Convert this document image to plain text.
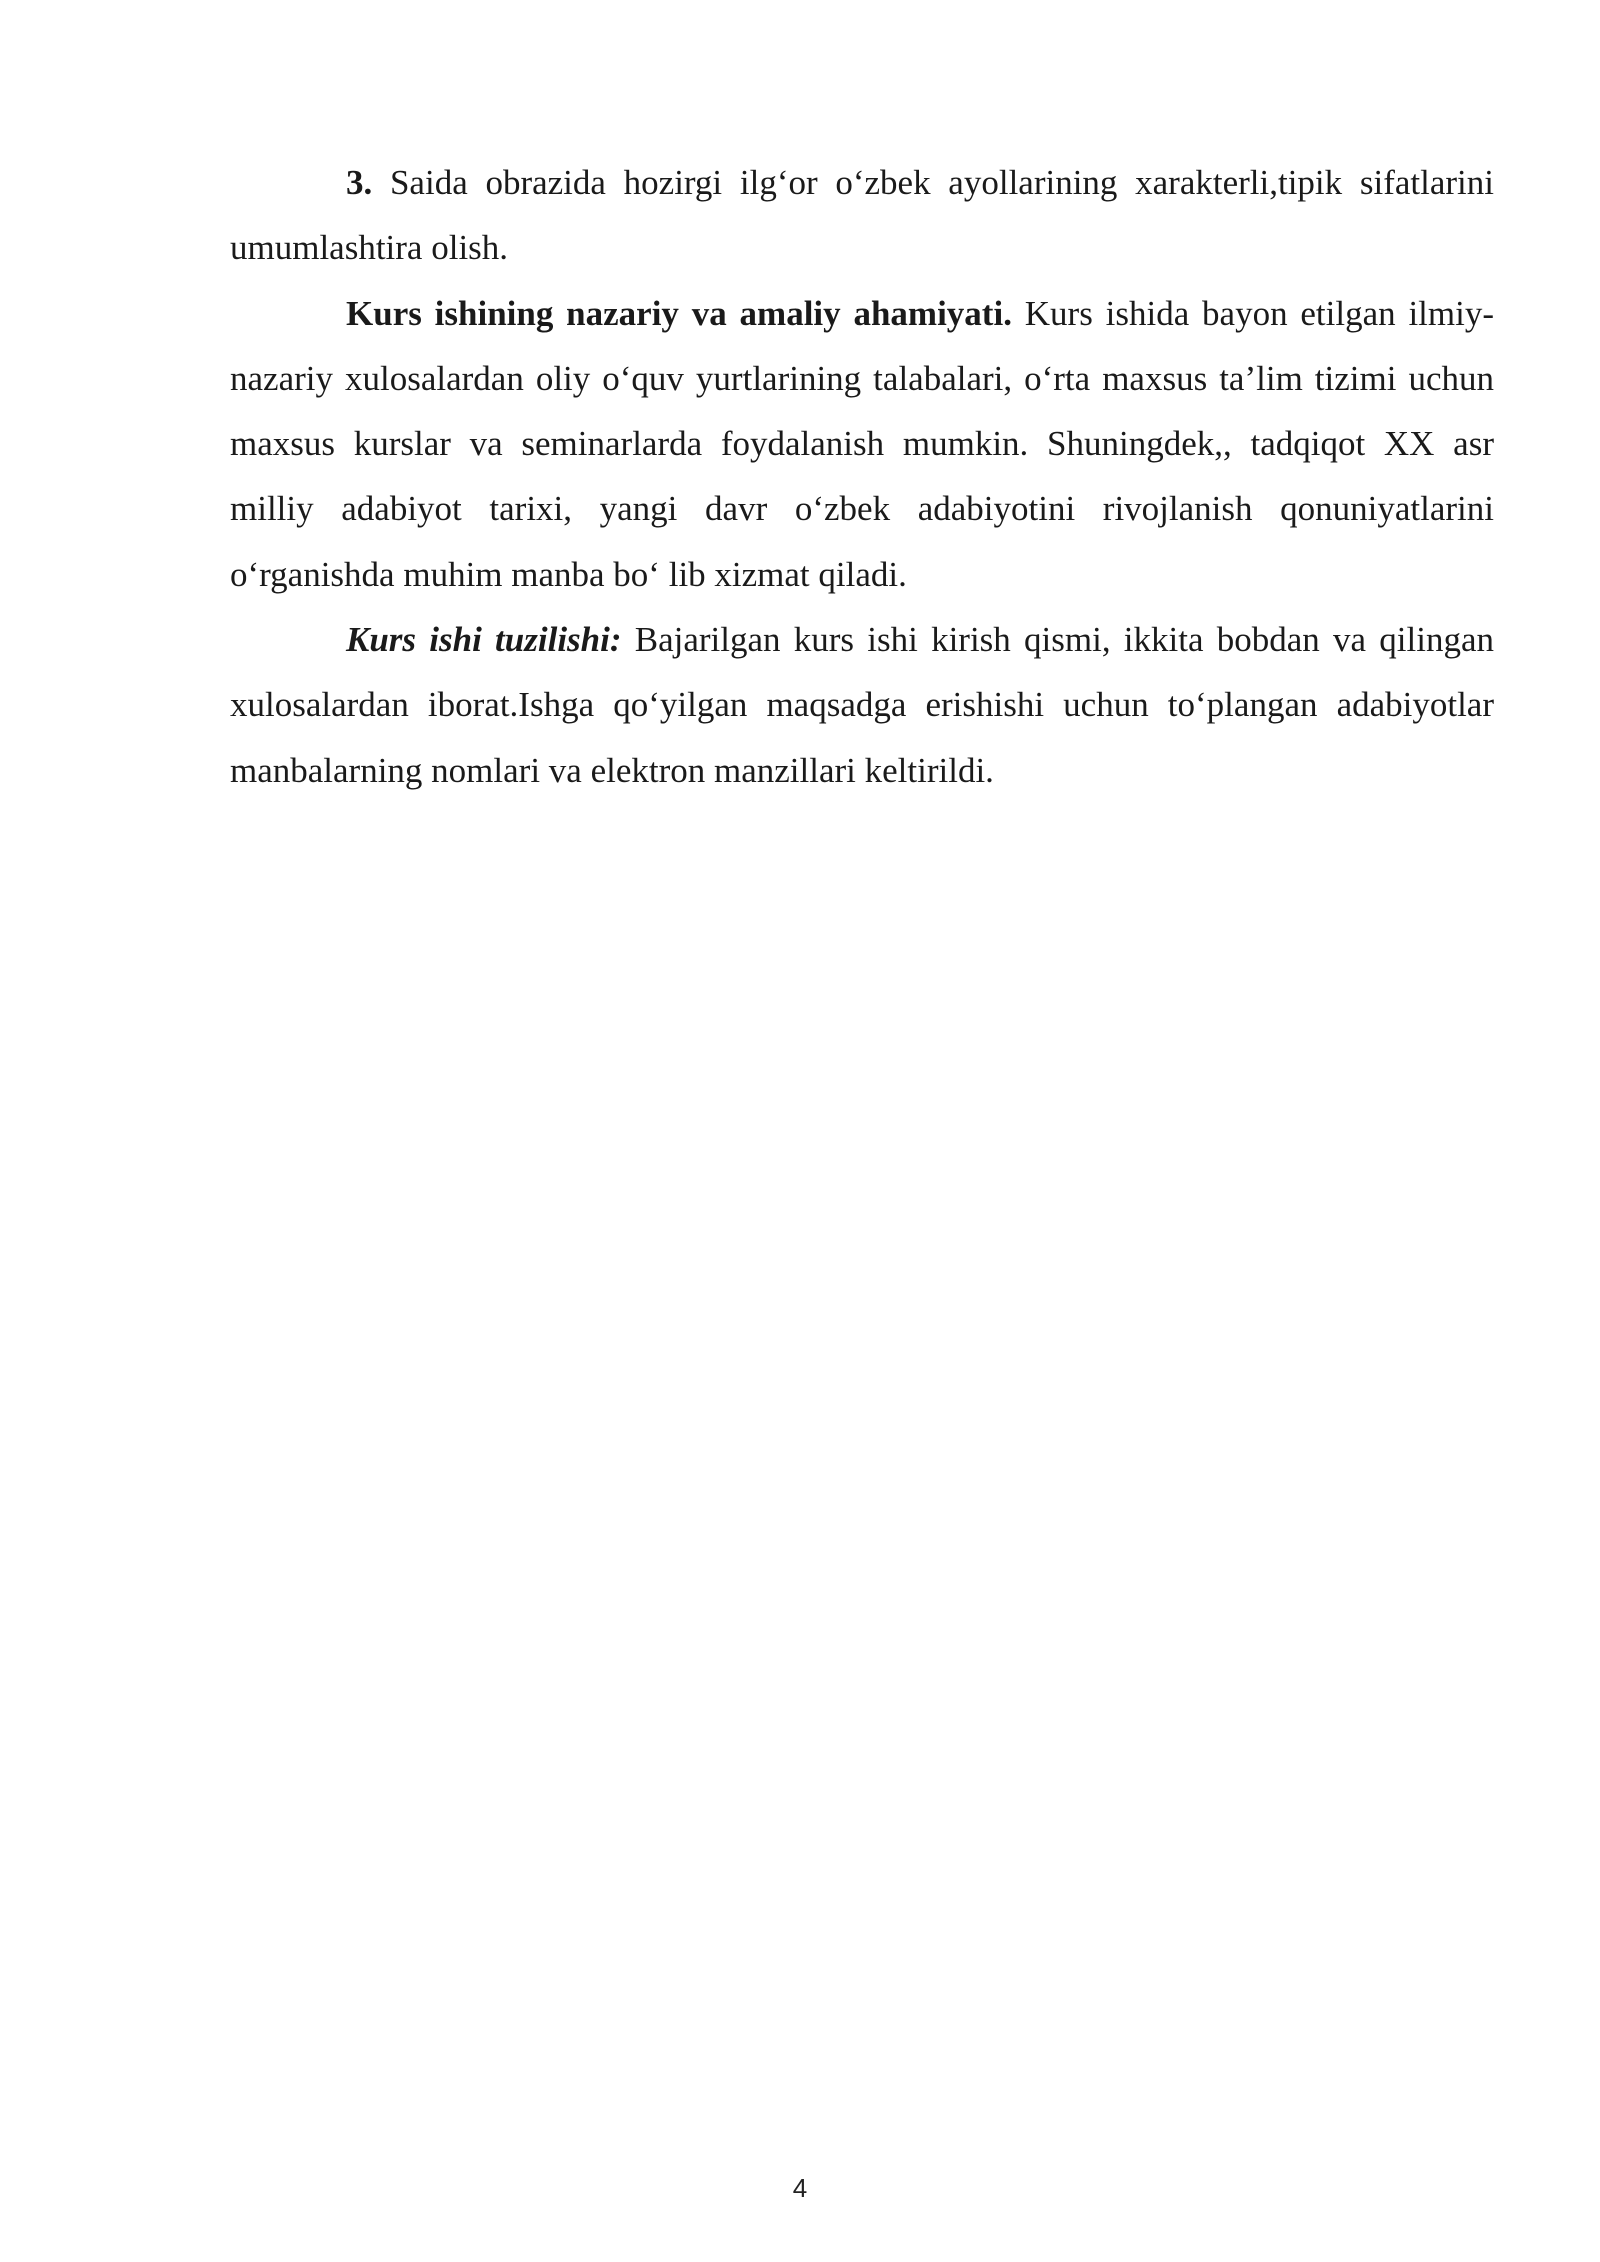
3. Saida obrazida hozirgi ilg‘or o‘zbek ayollarining xarakterli,tipik sifatlarini umumlashtira olish.

Kurs ishining nazariy va amaliy ahamiyati. Kurs ishida bayon etilgan ilmiy-nazariy xulosalardan oliy o‘quv yurtlarining talabalari, o‘rta maxsus ta’lim tizimi uchun maxsus kurslar va seminarlarda foydalanish mumkin. Shuningdek,, tadqiqot XX asr milliy adabiyot tarixi, yangi davr o‘zbek adabiyotini rivojlanish qonuniyatlarini o‘rganishda muhim manba bo‘ lib xizmat qiladi.

Kurs ishi tuzilishi: Bajarilgan kurs ishi kirish qismi, ikkita bobdan va qilingan xulosalardan iborat.Ishga qo‘yilgan maqsadga erishishi uchun to‘plangan adabiyotlar manbalarning nomlari va elektron manzillari keltirildi.

4
